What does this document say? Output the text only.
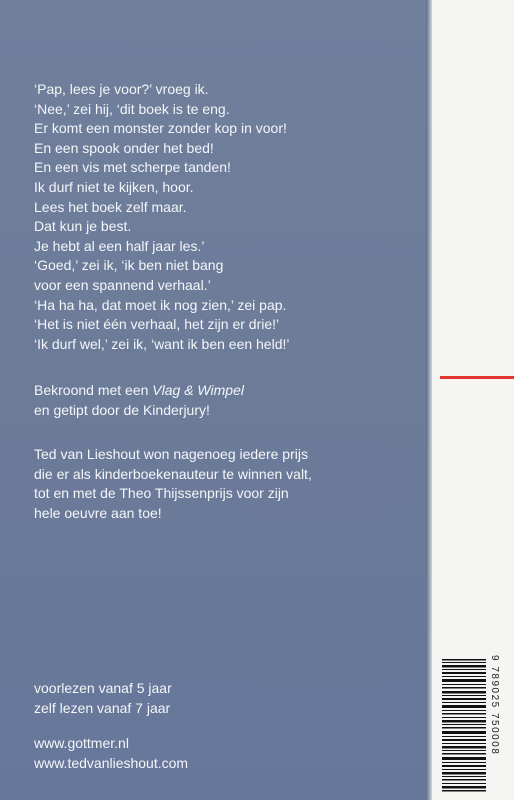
‘Pap, lees je voor?’ vroeg ik.
‘Nee,’ zei hij, ‘dit boek is te eng.
Er komt een monster zonder kop in voor!
En een spook onder het bed!
En een vis met scherpe tanden!
Ik durf niet te kijken, hoor.
Lees het boek zelf maar.
Dat kun je best.
Je hebt al een half jaar les.’
‘Goed,’ zei ik, ‘ik ben niet bang
voor een spannend verhaal.’
‘Ha ha ha, dat moet ik nog zien,’ zei pap.
‘Het is niet één verhaal, het zijn er drie!’
‘Ik durf wel,’ zei ik, ‘want ik ben een held!’
Bekroond met een Vlag & Wimpel
en getipt door de Kinderjury!
Ted van Lieshout won nagenoeg iedere prijs
die er als kinderboekenauteur te winnen valt,
tot en met de Theo Thijssenprijs voor zijn
hele oeuvre aan toe!
voorlezen vanaf 5 jaar
zelf lezen vanaf 7 jaar
www.gottmer.nl
www.tedvanlieshout.com
9 789025 750008
